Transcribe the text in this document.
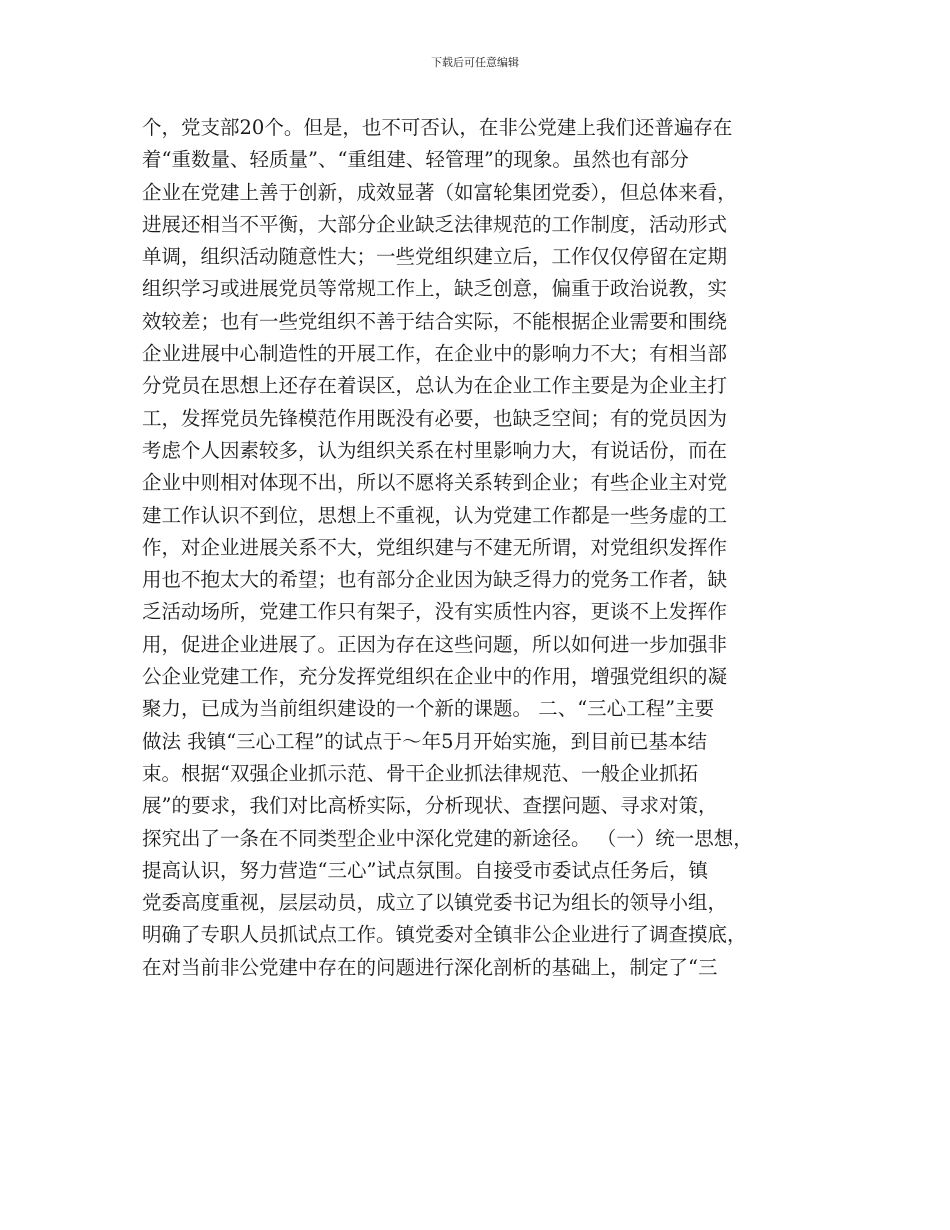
下载后可任意编辑
个，党支部20个。但是，也不可否认，在非公党建上我们还普遍存在
着“重数量、轻质量”、“重组建、轻管理”的现象。虽然也有部分
企业在党建上善于创新，成效显著（如富轮集团党委），但总体来看，
进展还相当不平衡，大部分企业缺乏法律规范的工作制度，活动形式
单调，组织活动随意性大；一些党组织建立后，工作仅仅停留在定期
组织学习或进展党员等常规工作上，缺乏创意，偏重于政治说教，实
效较差；也有一些党组织不善于结合实际，不能根据企业需要和围绕
企业进展中心制造性的开展工作，在企业中的影响力不大；有相当部
分党员在思想上还存在着误区，总认为在企业工作主要是为企业主打
工，发挥党员先锋模范作用既没有必要，也缺乏空间；有的党员因为
考虑个人因素较多，认为组织关系在村里影响力大，有说话份，而在
企业中则相对体现不出，所以不愿将关系转到企业；有些企业主对党
建工作认识不到位，思想上不重视，认为党建工作都是一些务虚的工
作，对企业进展关系不大，党组织建与不建无所谓，对党组织发挥作
用也不抱太大的希望；也有部分企业因为缺乏得力的党务工作者，缺
乏活动场所，党建工作只有架子，没有实质性内容，更谈不上发挥作
用，促进企业进展了。正因为存在这些问题，所以如何进一步加强非
公企业党建工作，充分发挥党组织在企业中的作用，增强党组织的凝
聚力，已成为当前组织建设的一个新的课题。 二、“三心工程”主要
做法 我镇“三心工程”的试点于～年5月开始实施，到目前已基本结
束。根据“双强企业抓示范、骨干企业抓法律规范、一般企业抓拓
展”的要求，我们对比高桥实际，分析现状、查摆问题、寻求对策，
探究出了一条在不同类型企业中深化党建的新途径。 （一）统一思想，
提高认识，努力营造“三心”试点氛围。自接受市委试点任务后，镇
党委高度重视，层层动员，成立了以镇党委书记为组长的领导小组，
明确了专职人员抓试点工作。镇党委对全镇非公企业进行了调查摸底，
在对当前非公党建中存在的问题进行深化剖析的基础上，制定了“三
